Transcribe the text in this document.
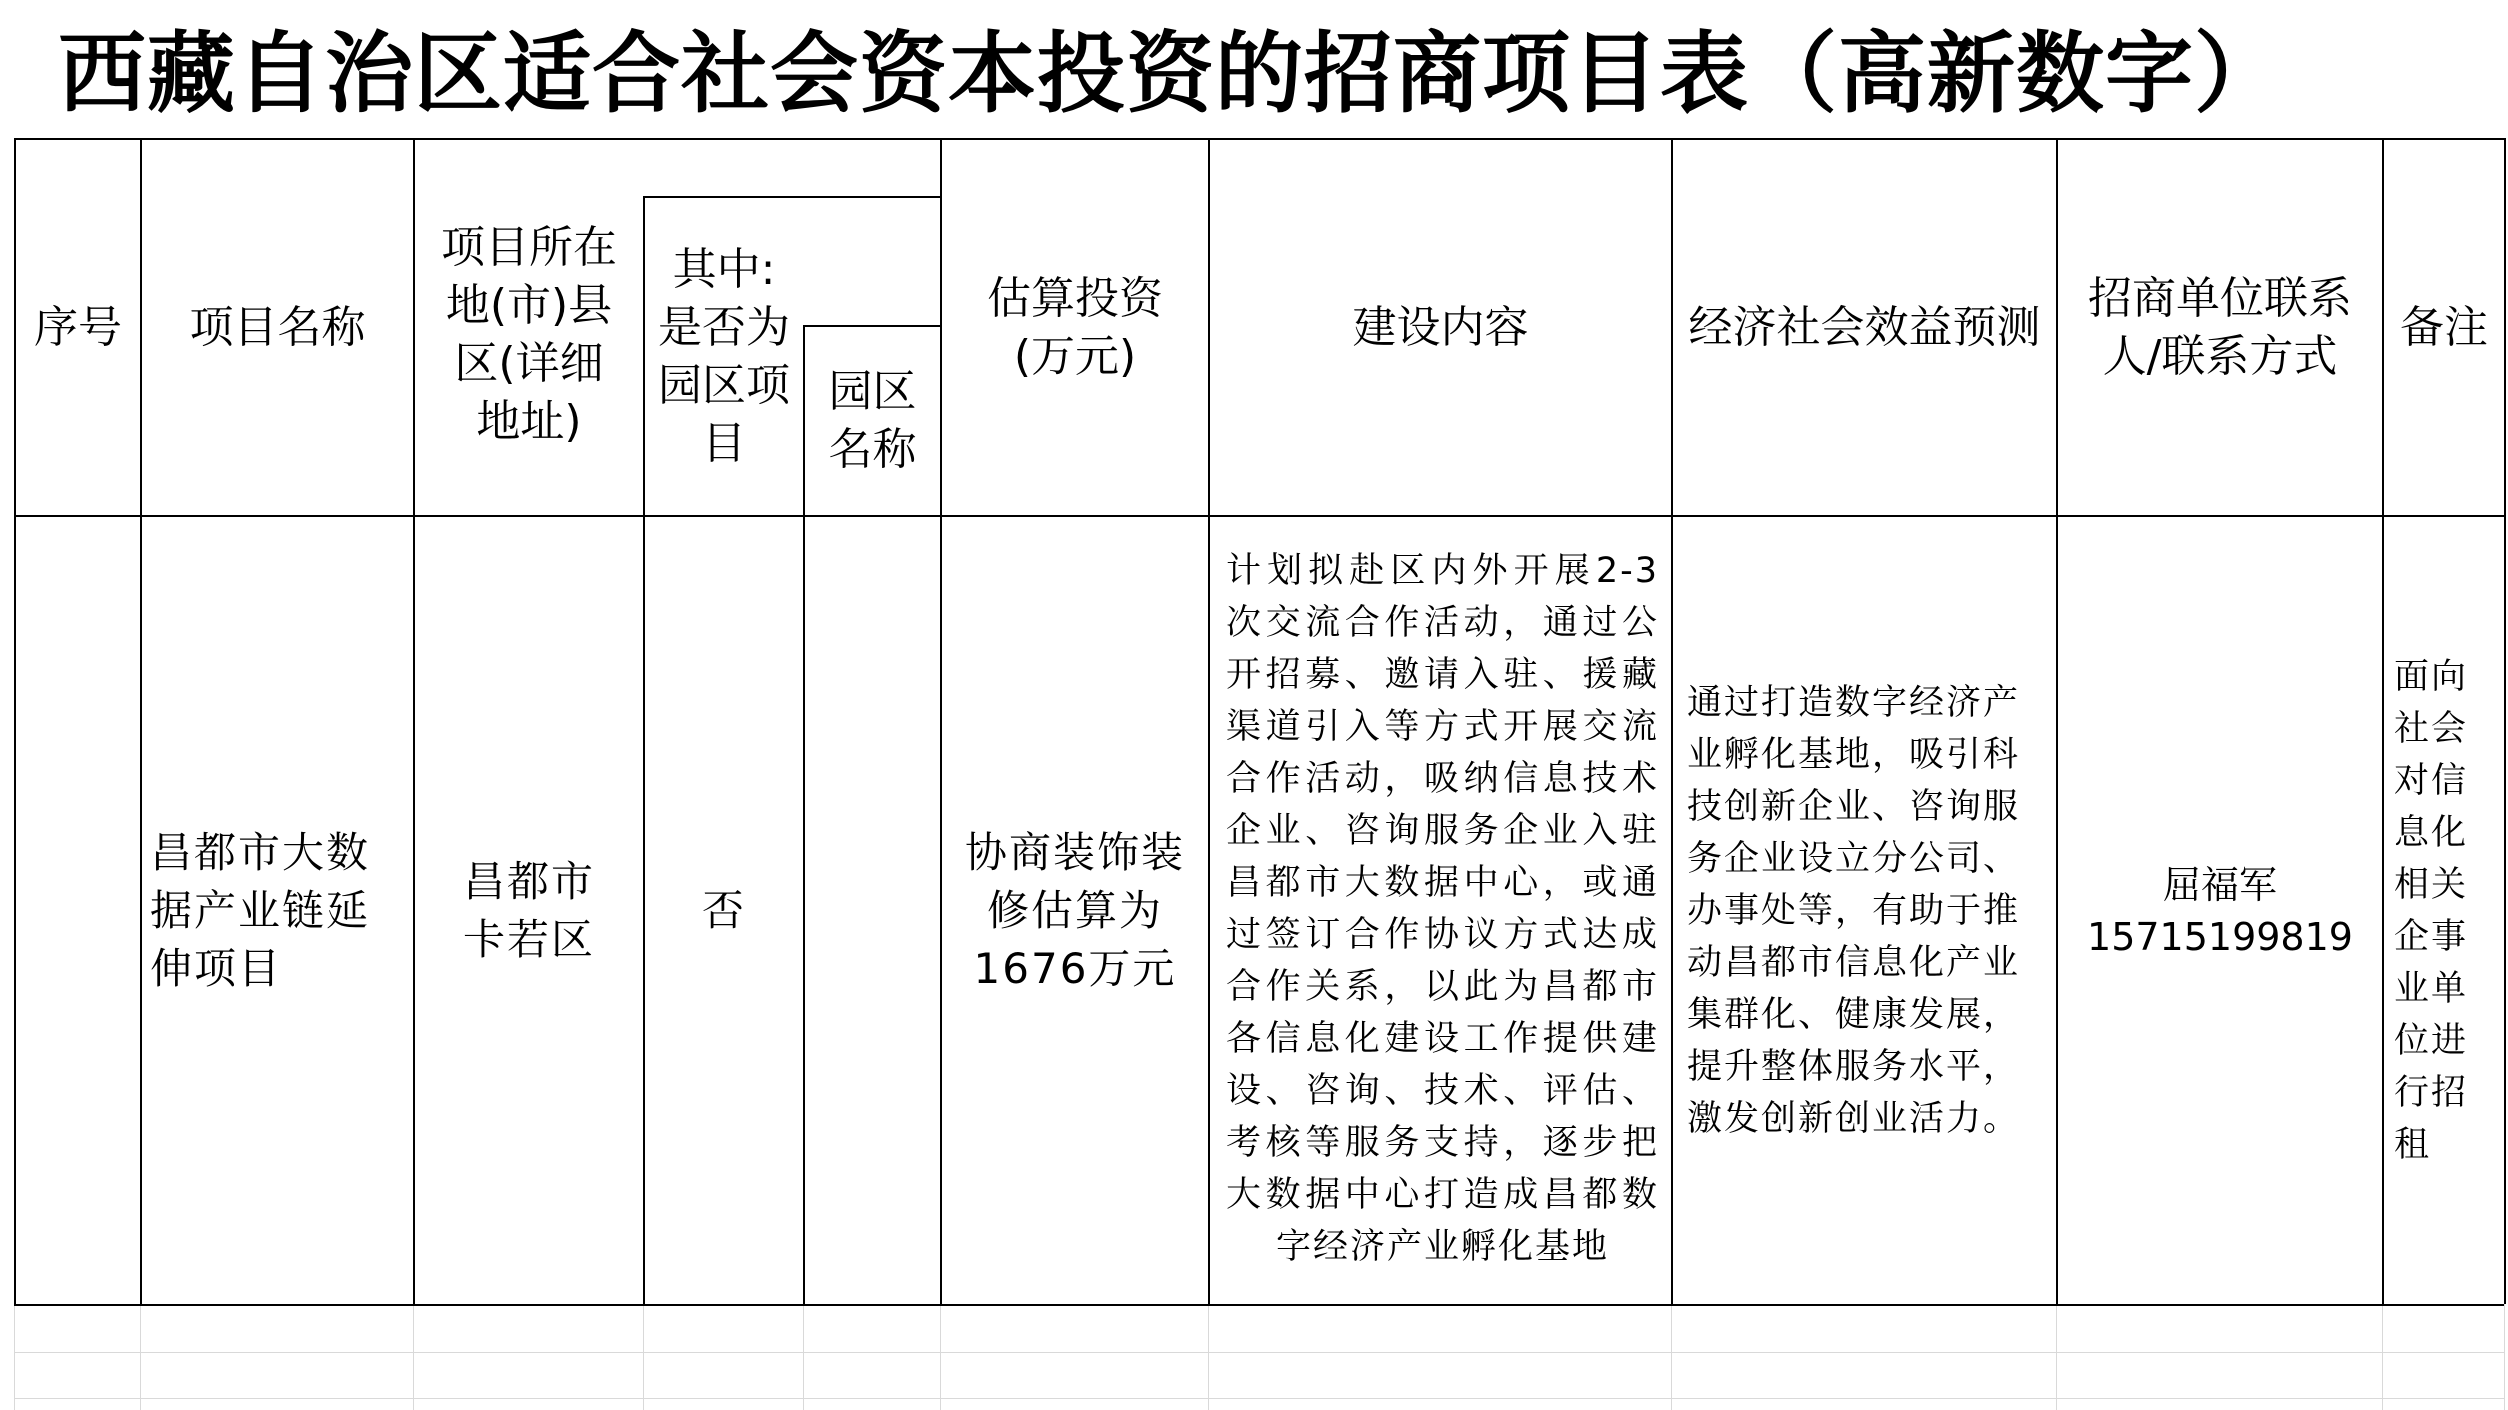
西藏自治区适合社会资本投资的招商项目表（高新数字）
序号	项目名称
项目所在地(市)县区(详细地址)
其中:是否为园区项目
园区名称
估算投资(万元)
建设内容	经济社会效益预测
招商单位联系人/联系方式
备注
昌都市大数据产业链延伸项目
昌都市卡若区
否
协商装饰装修估算为1676万元
计划拟赴区内外开展2-3次交流合作活动，通过公开招募、邀请入驻、援藏渠道引入等方式开展交流合作活动，吸纳信息技术企业、咨询服务企业入驻昌都市大数据中心，或通过签订合作协议方式达成合作关系，以此为昌都市各信息化建设工作提供建设、咨询、技术、评估、考核等服务支持，逐步把大数据中心打造成昌都数字经济产业孵化基地
通过打造数字经济产业孵化基地，吸引科技创新企业、咨询服务企业设立分公司、办事处等，有助于推动昌都市信息化产业集群化、健康发展，提升整体服务水平，激发创新创业活力。
屈福军
15715199819
面向社会对信息化相关企事业单位进行招租
